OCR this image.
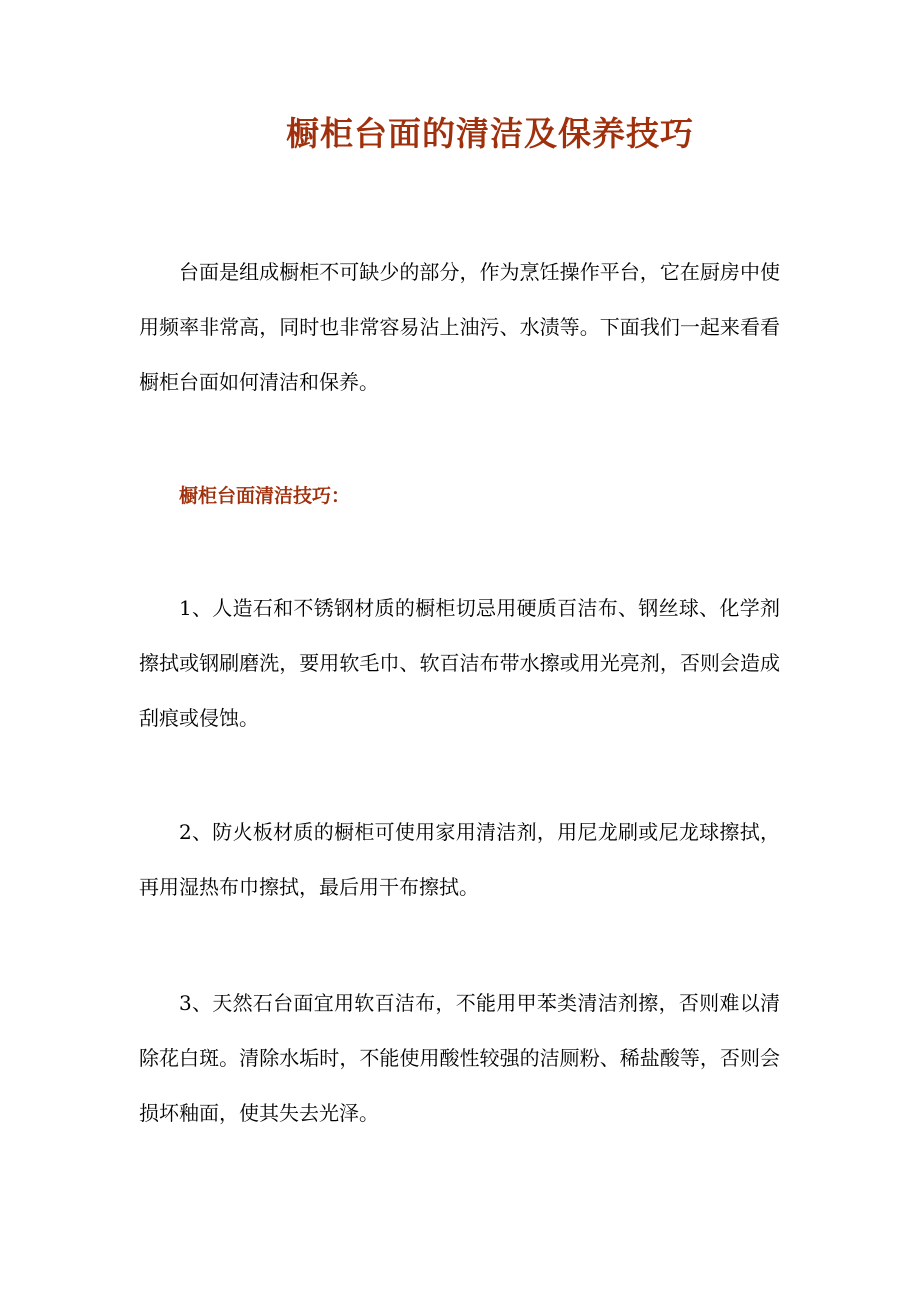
橱柜台面的清洁及保养技巧

台面是组成橱柜不可缺少的部分，作为烹饪操作平台，它在厨房中使用频率非常高，同时也非常容易沾上油污、水渍等。下面我们一起来看看橱柜台面如何清洁和保养。

橱柜台面清洁技巧：

1、人造石和不锈钢材质的橱柜切忌用硬质百洁布、钢丝球、化学剂擦拭或钢刷磨洗，要用软毛巾、软百洁布带水擦或用光亮剂，否则会造成刮痕或侵蚀。

2、防火板材质的橱柜可使用家用清洁剂，用尼龙刷或尼龙球擦拭，再用湿热布巾擦拭，最后用干布擦拭。

3、天然石台面宜用软百洁布，不能用甲苯类清洁剂擦，否则难以清除花白斑。清除水垢时，不能使用酸性较强的洁厕粉、稀盐酸等，否则会损坏釉面，使其失去光泽。
